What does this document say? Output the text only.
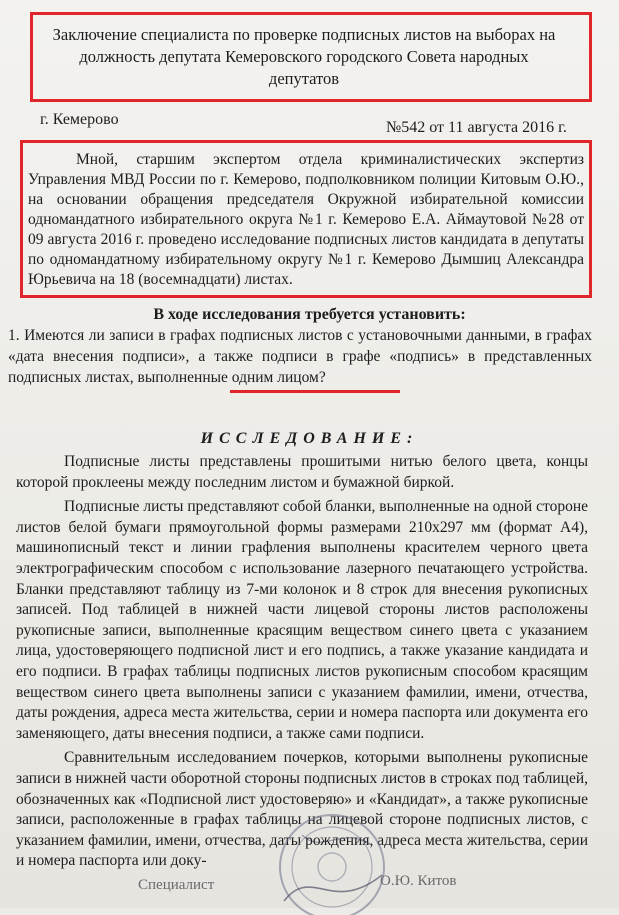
Заключение специалиста по проверке подписных листов на выборах на должность депутата Кемеровского городского Совета народных депутатов
г. Кемерово	№542 от 11 августа 2016 г.
Мной, старшим экспертом отдела криминалистических экспертиз Управления МВД России по г. Кемерово, подполковником полиции Китовым О.Ю., на основании обращения председателя Окружной избирательной комиссии одномандатного избирательного округа №1 г. Кемерово Е.А. Аймаутовой №28 от 09 августа 2016 г. проведено исследование подписных листов кандидата в депутаты по одномандатному избирательному округу №1 г. Кемерово Дымшиц Александра Юрьевича на 18 (восемнадцати) листах.
В ходе исследования требуется установить:
1. Имеются ли записи в графах подписных листов с установочными данными, в графах «дата внесения подписи», а также подписи в графе «подпись» в представленных подписных листах, выполненные одним лицом?
ИССЛЕДОВАНИЕ:

Подписные листы представлены прошитыми нитью белого цвета, концы которой проклеены между последним листом и бумажной биркой.

Подписные листы представляют собой бланки, выполненные на одной стороне листов белой бумаги прямоугольной формы размерами 210х297 мм (формат А4), машинописный текст и линии графления выполнены красителем черного цвета электрографическим способом с использование лазерного печатающего устройства. Бланки представляют таблицу из 7-ми колонок и 8 строк для внесения рукописных записей. Под таблицей в нижней части лицевой стороны листов расположены рукописные записи, выполненные красящим веществом синего цвета с указанием лица, удостоверяющего подписной лист и его подпись, а также указание кандидата и его подписи. В графах таблицы подписных листов рукописным способом красящим веществом синего цвета выполнены записи с указанием фамилии, имени, отчества, даты рождения, адреса места жительства, серии и номера паспорта или документа его заменяющего, даты внесения подписи, а также сами подписи.

Сравнительным исследованием почерков, которыми выполнены рукописные записи в нижней части оборотной стороны подписных листов в строках под таблицей, обозначенных как «Подписной лист удостоверяю» и «Кандидат», а также рукописные записи, расположенные в графах таблицы на лицевой стороне подписных листов, с указанием фамилии, имени, отчества, даты рождения, адреса места жительства, серии и номера паспорта или доку-

Специалист	О.Ю. Китов
